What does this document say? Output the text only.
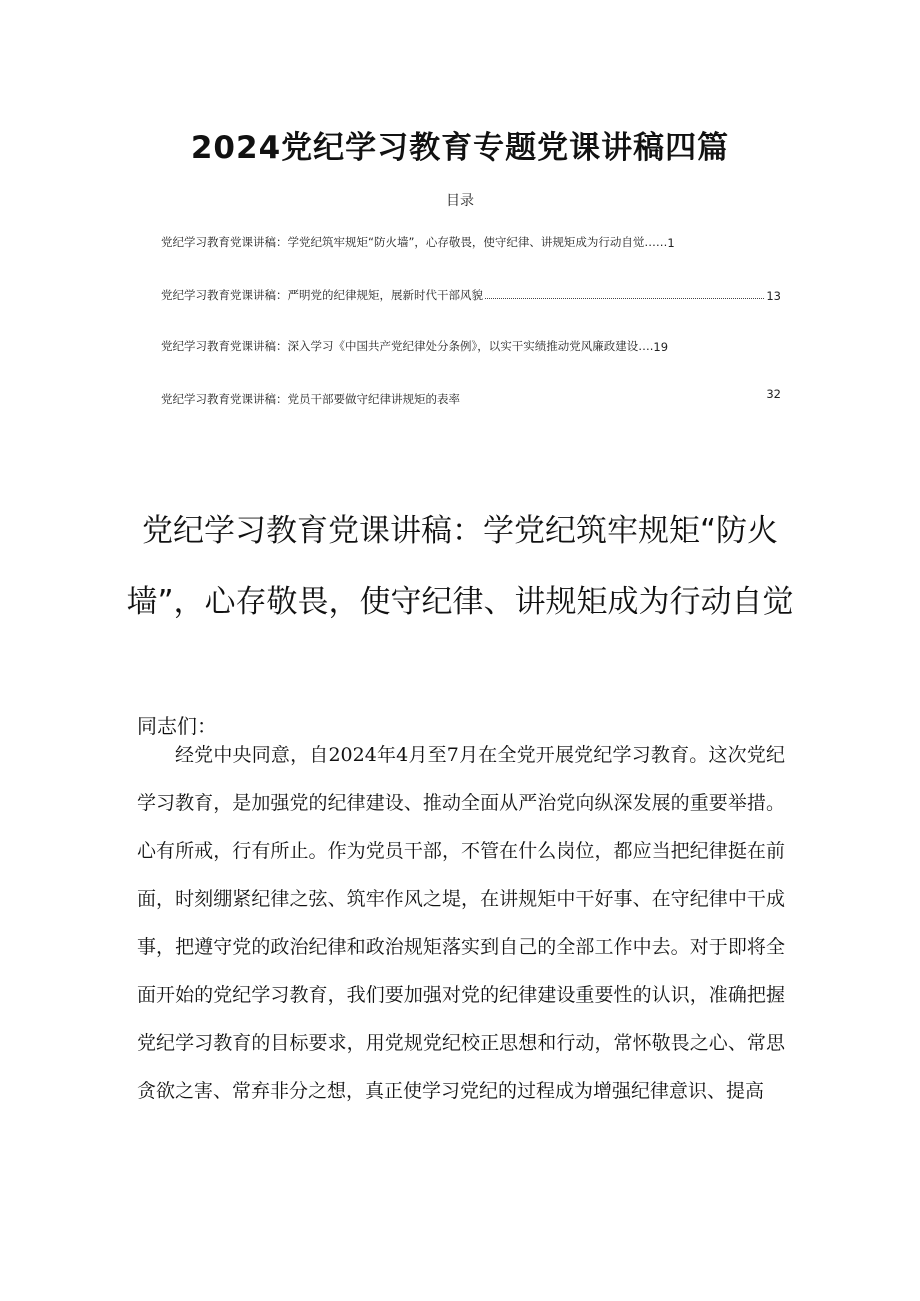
2024党纪学习教育专题党课讲稿四篇
目录
党纪学习教育党课讲稿：学党纪筑牢规矩“防火墙”，心存敬畏，使守纪律、讲规矩成为行动自觉…… 1
党纪学习教育党课讲稿：严明党的纪律规矩，展新时代干部风貌	13
党纪学习教育党课讲稿：深入学习《中国共产党纪律处分条例》，以实干实绩推动党风廉政建设…. 19
党纪学习教育党课讲稿：党员干部要做守纪律讲规矩的表率	32
党纪学习教育党课讲稿：学党纪筑牢规矩“防火墙”，心存敬畏，使守纪律、讲规矩成为行动自觉
同志们：

经党中央同意，自2024年4月至7月在全党开展党纪学习教育。这次党纪学习教育，是加强党的纪律建设、推动全面从严治党向纵深发展的重要举措。心有所戒，行有所止。作为党员干部，不管在什么岗位，都应当把纪律挺在前面，时刻绷紧纪律之弦、筑牢作风之堤，在讲规矩中干好事、在守纪律中干成事，把遵守党的政治纪律和政治规矩落实到自己的全部工作中去。对于即将全面开始的党纪学习教育，我们要加强对党的纪律建设重要性的认识，准确把握党纪学习教育的目标要求，用党规党纪校正思想和行动，常怀敬畏之心、常思贪欲之害、常弃非分之想，真正使学习党纪的过程成为增强纪律意识、提高
